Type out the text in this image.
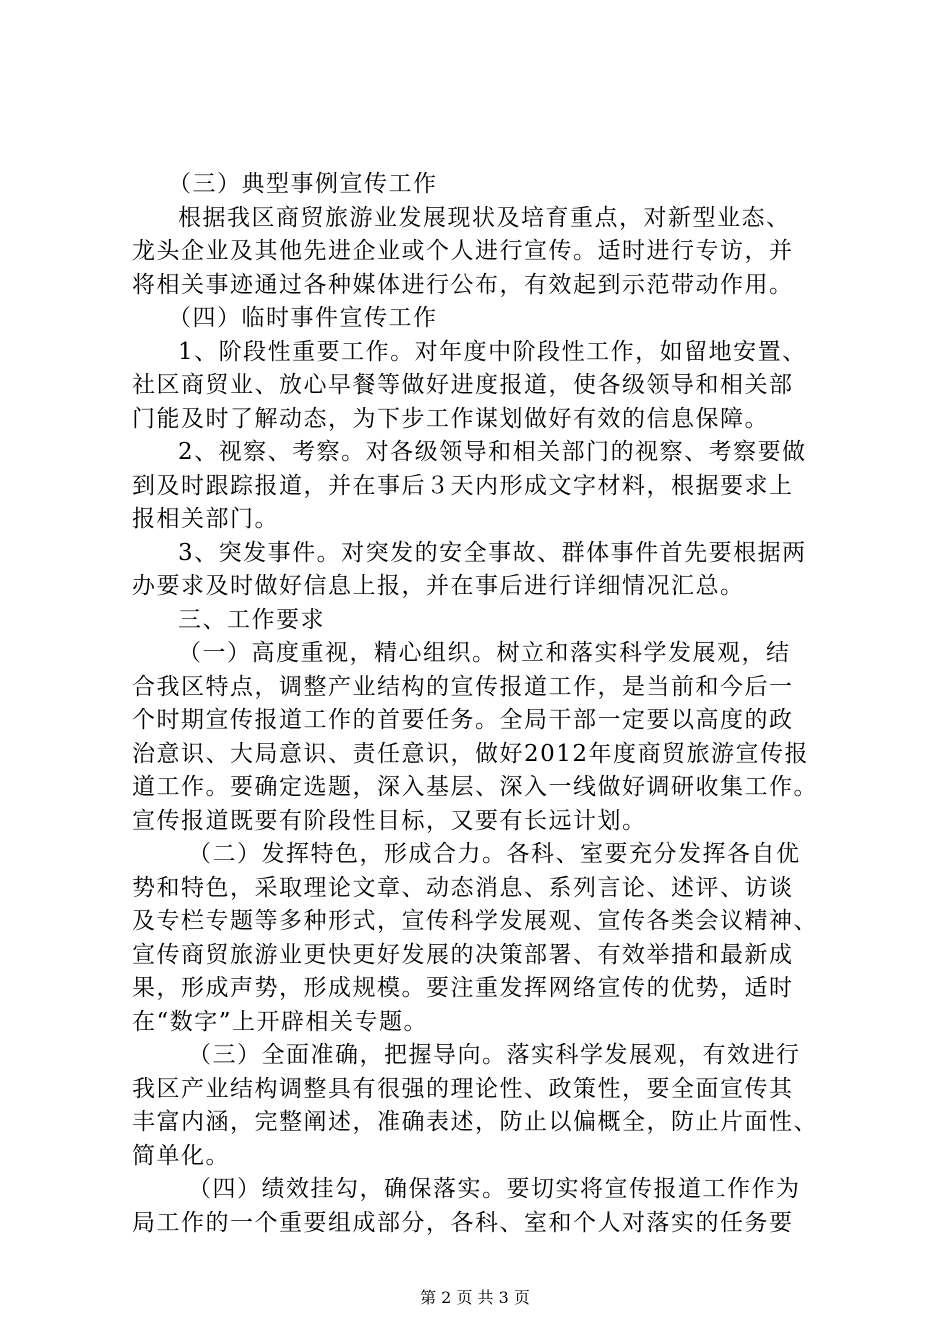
（三）典型事例宣传工作
根据我区商贸旅游业发展现状及培育重点，对新型业态、
龙头企业及其他先进企业或个人进行宣传。适时进行专访，并
将相关事迹通过各种媒体进行公布，有效起到示范带动作用。
（四）临时事件宣传工作
1、阶段性重要工作。对年度中阶段性工作，如留地安置、
社区商贸业、放心早餐等做好进度报道，使各级领导和相关部
门能及时了解动态，为下步工作谋划做好有效的信息保障。
2、视察、考察。对各级领导和相关部门的视察、考察要做
到及时跟踪报道，并在事后３天内形成文字材料，根据要求上
报相关部门。
3、突发事件。对突发的安全事故、群体事件首先要根据两
办要求及时做好信息上报，并在事后进行详细情况汇总。
三、工作要求
（一）高度重视，精心组织。树立和落实科学发展观，结
合我区特点，调整产业结构的宣传报道工作，是当前和今后一
个时期宣传报道工作的首要任务。全局干部一定要以高度的政
治意识、大局意识、责任意识，做好2012年度商贸旅游宣传报
道工作。要确定选题，深入基层、深入一线做好调研收集工作。
宣传报道既要有阶段性目标，又要有长远计划。
（二）发挥特色，形成合力。各科、室要充分发挥各自优
势和特色，采取理论文章、动态消息、系列言论、述评、访谈
及专栏专题等多种形式，宣传科学发展观、宣传各类会议精神、
宣传商贸旅游业更快更好发展的决策部署、有效举措和最新成
果，形成声势，形成规模。要注重发挥网络宣传的优势，适时
在“数字”上开辟相关专题。
（三）全面准确，把握导向。落实科学发展观，有效进行
我区产业结构调整具有很强的理论性、政策性，要全面宣传其
丰富内涵，完整阐述，准确表述，防止以偏概全，防止片面性、
简单化。
（四）绩效挂勾，确保落实。要切实将宣传报道工作作为
局工作的一个重要组成部分，各科、室和个人对落实的任务要
第 2 页 共 3 页
